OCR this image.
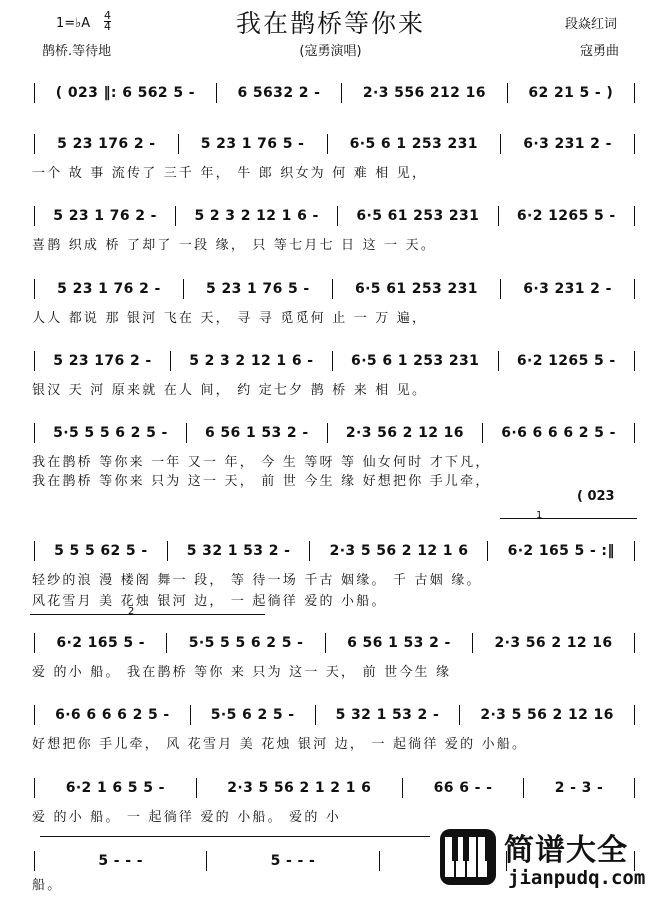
我在鹊桥等你来
1=♭A
4
4
鹊桥.等待地	(寇勇演唱)
段焱红词
寇勇曲
( 023 ‖: 6 562 5 -	6 5632 2 -	2·3 556 212 16	62 21 5 - )
5 23 176 2 -	5 23 1 76 5 -	6·5 6 1 253 231	6·3 231 2 -
5 23 1 76 2 -	5 2 3 2 12 1 6 -	6·5 61 253 231	6·2 1265 5 -
5 23 1 76 2 -	5 23 1 76 5 -	6·5 61 253 231	6·3 231 2 -
5 23 176 2 -	5 2 3 2 12 1 6 -	6·5 6 1 253 231	6·2 1265 5 -
5·5 5 5 6 2 5 -	6 56 1 53 2 -	2·3 56 2 12 16	6·6 6 6 6 2 5 -
5 5 5 62 5 -	5 32 1 53 2 -	2·3 5 56 2 12 1 6	6·2 165 5 - :‖
6·2 165 5 -	5·5 5 5 6 2 5 -	6 56 1 53 2 -	2·3 56 2 12 16
6·6 6 6 6 2 5 -	5·5 6 2 5 -	5 32 1 53 2 -	2·3 5 56 2 12 16
6·2 1 6 5 5 -	2·3 5 56 2 1 2 1 6	66 6 - -	2 - 3 -
5 - - -	5 - - -
一个 故 事 流传了 三千 年， 牛 郎 织女为 何 难 相 见，
喜鹊 织成 桥 了却了 一段 缘， 只 等七月七 日 这 一 天。
人人 都说 那 银河 飞在 天， 寻 寻 觅觅何 止 一 万 遍，
银汉 天 河 原来就 在人 间， 约 定七夕 鹊 桥 来 相 见。
我在鹊桥 等你来 一年 又一 年， 今 生 等呀 等 仙女何时 才下凡，
我在鹊桥 等你来 只为 这一 天， 前 世 今生 缘 好想把你 手儿牵，
轻纱的浪 漫 楼阁 舞一 段， 等 待一场 千古 姻缘。 千 古姻 缘。
风花雪月 美 花烛 银河 边， 一 起徜徉 爱的 小船。
爱 的小 船。 我在鹊桥 等你 来 只为 这一 天， 前 世今生 缘
好想把你 手儿牵， 风 花雪月 美 花烛 银河 边， 一 起徜徉 爱的 小船。
爱 的小 船。 一 起徜徉 爱的 小船。 爱的 小
船。
( 023
1
2
简谱大全
jianpudq.com
